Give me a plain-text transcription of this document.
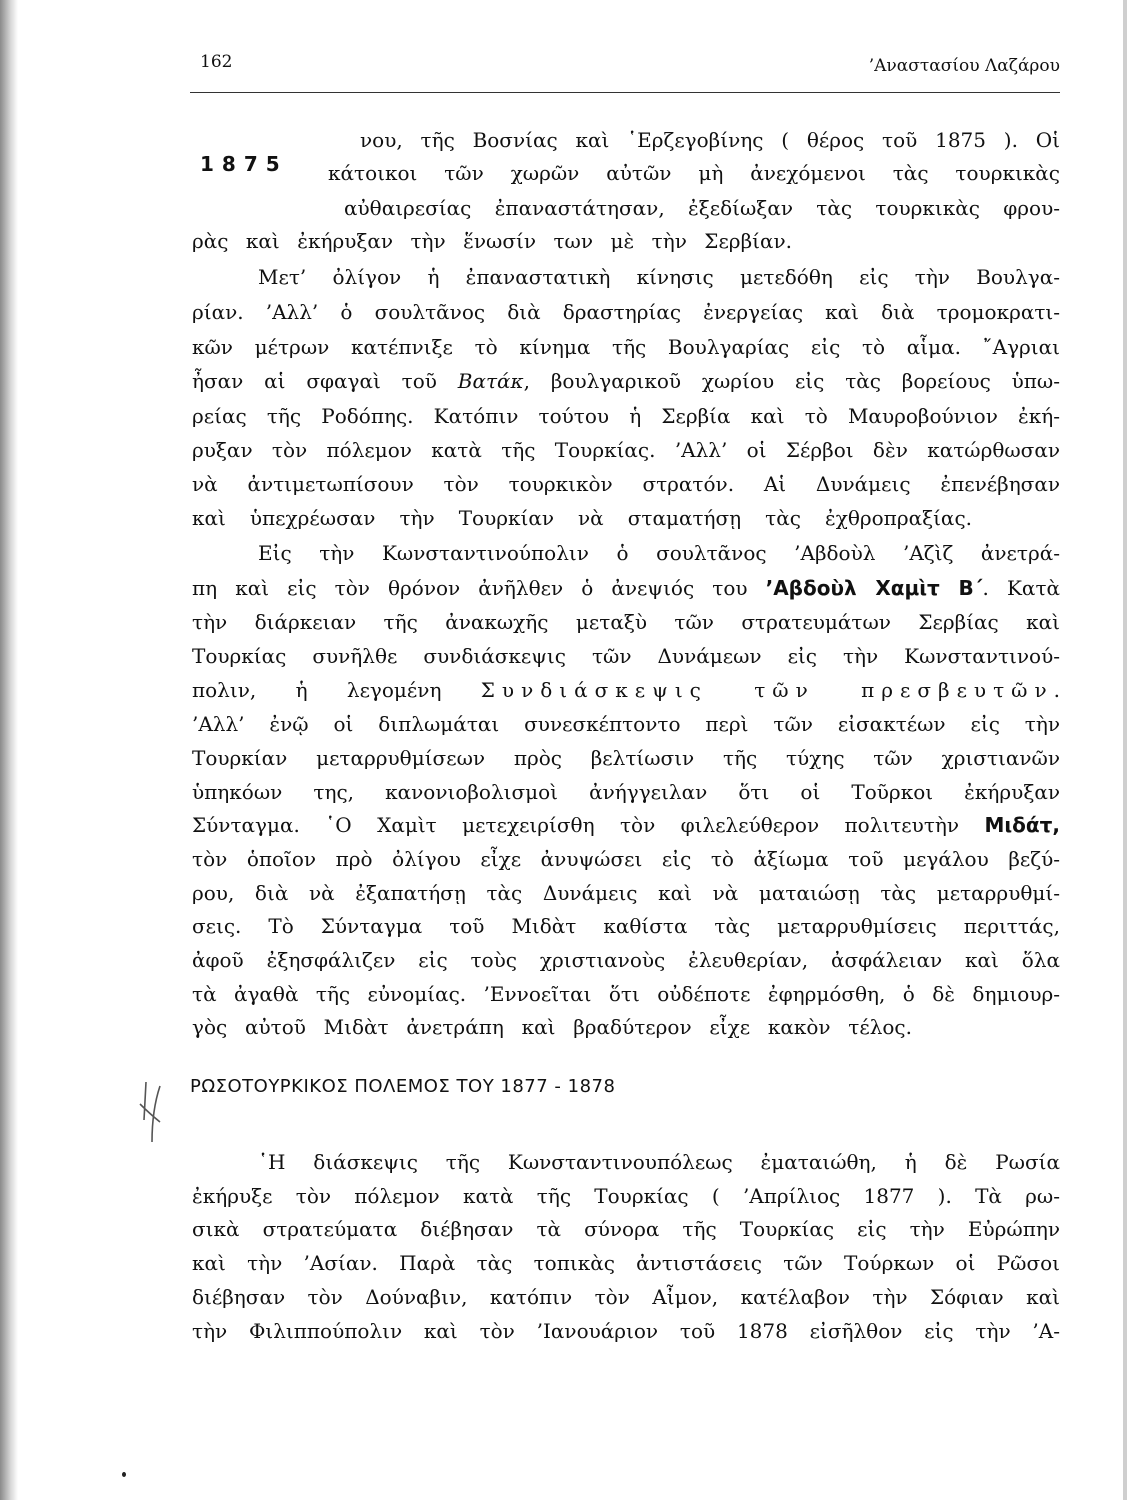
162	’Αναστασίου Λαζάρου
1875
νου, τῆς Βοσνίας καὶ ῾Ερζεγοβίνης ( θέρος τοῦ 1875 ). Οἱ
κάτοικοι τῶν χωρῶν αὐτῶν μὴ ἀνεχόμενοι τὰς τουρκικὰς
αὐθαιρεσίας ἐπαναστάτησαν, ἐξεδίωξαν τὰς τουρκικὰς φρου-
ρὰς καὶ ἐκήρυξαν τὴν ἕνωσίν των μὲ τὴν Σερβίαν.
Μετ’ ὀλίγον ἡ ἐπαναστατικὴ κίνησις μετεδόθη εἰς τὴν Βουλγα-
ρίαν. ’Αλλ’ ὁ σουλτᾶνος διὰ δραστηρίας ἐνεργείας καὶ διὰ τρομοκρατι-
κῶν μέτρων κατέπνιξε τὸ κίνημα τῆς Βουλγαρίας εἰς τὸ αἷμα. ῎Αγριαι
ἦσαν αἱ σφαγαὶ τοῦ Βατάκ, βουλγαρικοῦ χωρίου εἰς τὰς βορείους ὑπω-
ρείας τῆς Ροδόπης. Κατόπιν τούτου ἡ Σερβία καὶ τὸ Μαυροβούνιον ἐκή-
ρυξαν τὸν πόλεμον κατὰ τῆς Τουρκίας. ’Αλλ’ οἱ Σέρβοι δὲν κατώρθωσαν
νὰ ἀντιμετωπίσουν τὸν τουρκικὸν στρατόν. Αἱ Δυνάμεις ἐπενέβησαν
καὶ ὑπεχρέωσαν τὴν Τουρκίαν νὰ σταματήσῃ τὰς ἐχθροπραξίας.
Εἰς τὴν Κωνσταντινούπολιν ὁ σουλτᾶνος ’Αβδοὺλ ’Αζὶζ ἀνετρά-
πη καὶ εἰς τὸν θρόνον ἀνῆλθεν ὁ ἀνεψιός του ’Αβδοὺλ Χαμὶτ Β΄. Κατὰ
τὴν διάρκειαν τῆς ἀνακωχῆς μεταξὺ τῶν στρατευμάτων Σερβίας καὶ
Τουρκίας συνῆλθε συνδιάσκεψις τῶν Δυνάμεων εἰς τὴν Κωνσταντινού-
πολιν, ἡ λεγομένη Συνδιάσκεψις τῶν πρεσβευτῶν.
’Αλλ’ ἐνῷ οἱ διπλωμάται συνεσκέπτοντο περὶ τῶν εἰσακτέων εἰς τὴν
Τουρκίαν μεταρρυθμίσεων πρὸς βελτίωσιν τῆς τύχης τῶν χριστιανῶν
ὑπηκόων της, κανονιοβολισμοὶ ἀνήγγειλαν ὅτι οἱ Τοῦρκοι ἐκήρυξαν
Σύνταγμα. ῾Ο Χαμὶτ μετεχειρίσθη τὸν φιλελεύθερον πολιτευτὴν Μιδάτ,
τὸν ὁποῖον πρὸ ὀλίγου εἶχε ἀνυψώσει εἰς τὸ ἀξίωμα τοῦ μεγάλου βεζύ-
ρου, διὰ νὰ ἐξαπατήσῃ τὰς Δυνάμεις καὶ νὰ ματαιώσῃ τὰς μεταρρυθμί-
σεις. Τὸ Σύνταγμα τοῦ Μιδὰτ καθίστα τὰς μεταρρυθμίσεις περιττάς,
ἀφοῦ ἐξησφάλιζεν εἰς τοὺς χριστιανοὺς ἐλευθερίαν, ἀσφάλειαν καὶ ὅλα
τὰ ἀγαθὰ τῆς εὐνομίας. ’Εννοεῖται ὅτι οὐδέποτε ἐφηρμόσθη, ὁ δὲ δημιουρ-
γὸς αὐτοῦ Μιδὰτ ἀνετράπη καὶ βραδύτερον εἶχε κακὸν τέλος.
῾Η διάσκεψις τῆς Κωνσταντινουπόλεως ἐματαιώθη, ἡ δὲ Ρωσία
ἐκήρυξε τὸν πόλεμον κατὰ τῆς Τουρκίας ( ’Απρίλιος 1877 ). Τὰ ρω-
σικὰ στρατεύματα διέβησαν τὰ σύνορα τῆς Τουρκίας εἰς τὴν Εὐρώπην
καὶ τὴν ’Ασίαν. Παρὰ τὰς τοπικὰς ἀντιστάσεις τῶν Τούρκων οἱ Ρῶσοι
διέβησαν τὸν Δούναβιν, κατόπιν τὸν Αἶμον, κατέλαβον τὴν Σόφιαν καὶ
τὴν Φιλιππούπολιν καὶ τὸν ’Ιανουάριον τοῦ 1878 εἰσῆλθον εἰς τὴν ’Α-
ΡΩΣΟΤΟΥΡΚΙΚΟΣ ΠΟΛΕΜΟΣ ΤΟΥ 1877 - 1878
